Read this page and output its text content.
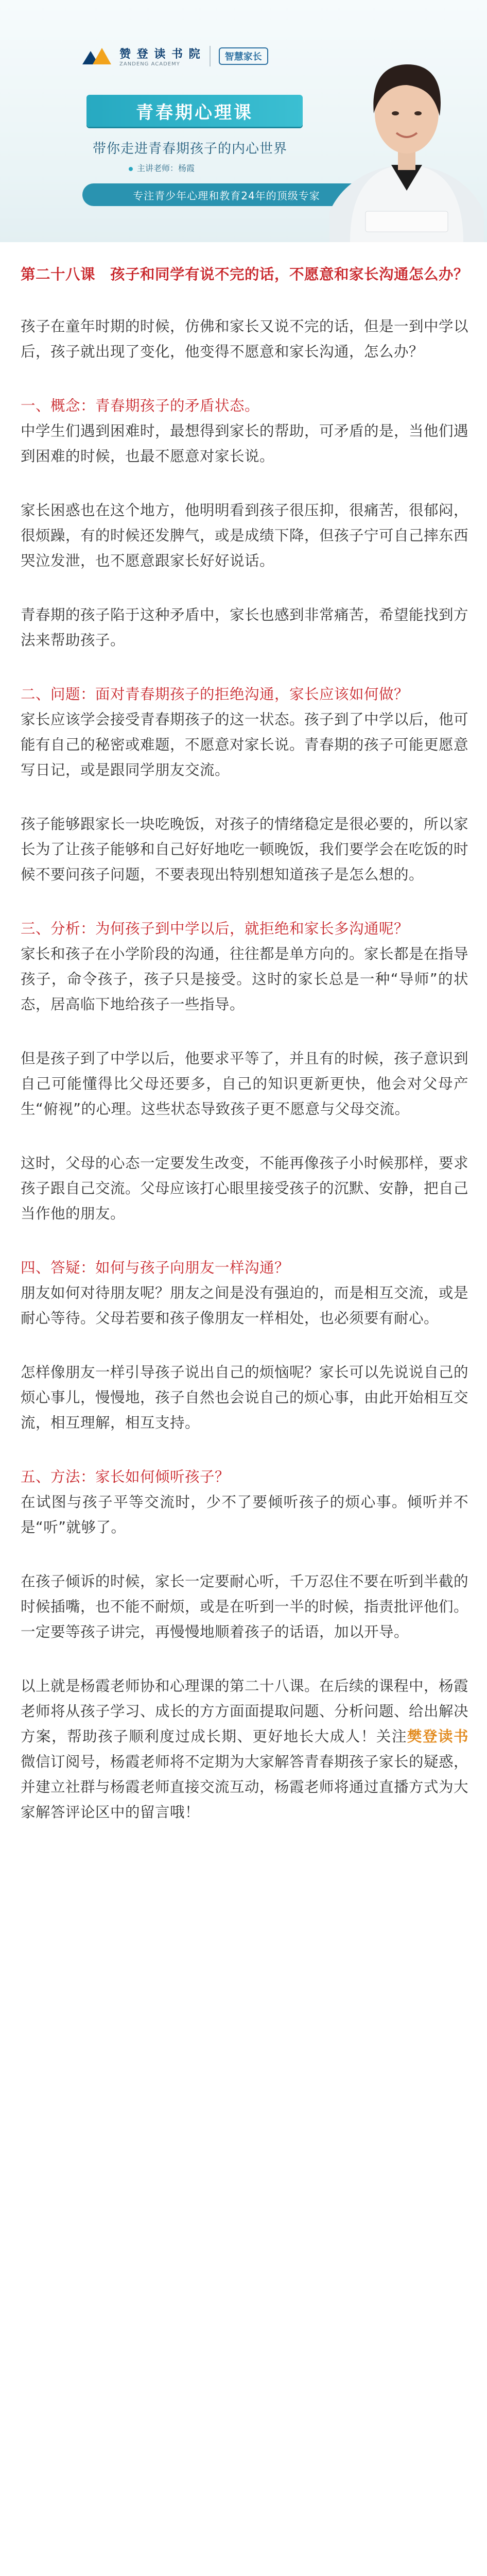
赞 登 读 书 院
ZANDENG ACADEMY
智慧家长
青春期心理课
带你走进青春期孩子的内心世界
主讲老师：杨霞
专注青少年心理和教育24年的顶级专家

第二十八课　孩子和同学有说不完的话，不愿意和家长沟通怎么办？

孩子在童年时期的时候，仿佛和家长又说不完的话，但是一到中学以后，孩子就出现了变化，他变得不愿意和家长沟通，怎么办？

一、概念：青春期孩子的矛盾状态。

中学生们遇到困难时，最想得到家长的帮助，可矛盾的是，当他们遇到困难的时候，也最不愿意对家长说。

家长困惑也在这个地方，他明明看到孩子很压抑，很痛苦，很郁闷，很烦躁，有的时候还发脾气，或是成绩下降，但孩子宁可自己摔东西哭泣发泄，也不愿意跟家长好好说话。

青春期的孩子陷于这种矛盾中，家长也感到非常痛苦，希望能找到方法来帮助孩子。

二、问题：面对青春期孩子的拒绝沟通，家长应该如何做？

家长应该学会接受青春期孩子的这一状态。孩子到了中学以后，他可能有自己的秘密或难题，不愿意对家长说。青春期的孩子可能更愿意写日记，或是跟同学朋友交流。

孩子能够跟家长一块吃晚饭，对孩子的情绪稳定是很必要的，所以家长为了让孩子能够和自己好好地吃一顿晚饭，我们要学会在吃饭的时候不要问孩子问题，不要表现出特别想知道孩子是怎么想的。

三、分析：为何孩子到中学以后，就拒绝和家长多沟通呢？

家长和孩子在小学阶段的沟通，往往都是单方向的。家长都是在指导孩子，命令孩子，孩子只是接受。这时的家长总是一种“导师”的状态，居高临下地给孩子一些指导。

但是孩子到了中学以后，他要求平等了，并且有的时候，孩子意识到自己可能懂得比父母还要多，自己的知识更新更快，他会对父母产生“俯视”的心理。这些状态导致孩子更不愿意与父母交流。

这时，父母的心态一定要发生改变，不能再像孩子小时候那样，要求孩子跟自己交流。父母应该打心眼里接受孩子的沉默、安静，把自己当作他的朋友。

四、答疑：如何与孩子向朋友一样沟通？

朋友如何对待朋友呢？朋友之间是没有强迫的，而是相互交流，或是耐心等待。父母若要和孩子像朋友一样相处，也必须要有耐心。

怎样像朋友一样引导孩子说出自己的烦恼呢？家长可以先说说自己的烦心事儿，慢慢地，孩子自然也会说自己的烦心事，由此开始相互交流，相互理解，相互支持。

五、方法：家长如何倾听孩子？

在试图与孩子平等交流时，少不了要倾听孩子的烦心事。倾听并不是“听”就够了。

在孩子倾诉的时候，家长一定要耐心听，千万忍住不要在听到半截的时候插嘴，也不能不耐烦，或是在听到一半的时候，指责批评他们。一定要等孩子讲完，再慢慢地顺着孩子的话语，加以开导。

以上就是杨霞老师协和心理课的第二十八课。在后续的课程中，杨霞老师将从孩子学习、成长的方方面面提取问题、分析问题、给出解决方案，帮助孩子顺利度过成长期、更好地长大成人！关注樊登读书微信订阅号，杨霞老师将不定期为大家解答青春期孩子家长的疑惑，并建立社群与杨霞老师直接交流互动，杨霞老师将通过直播方式为大家解答评论区中的留言哦！
